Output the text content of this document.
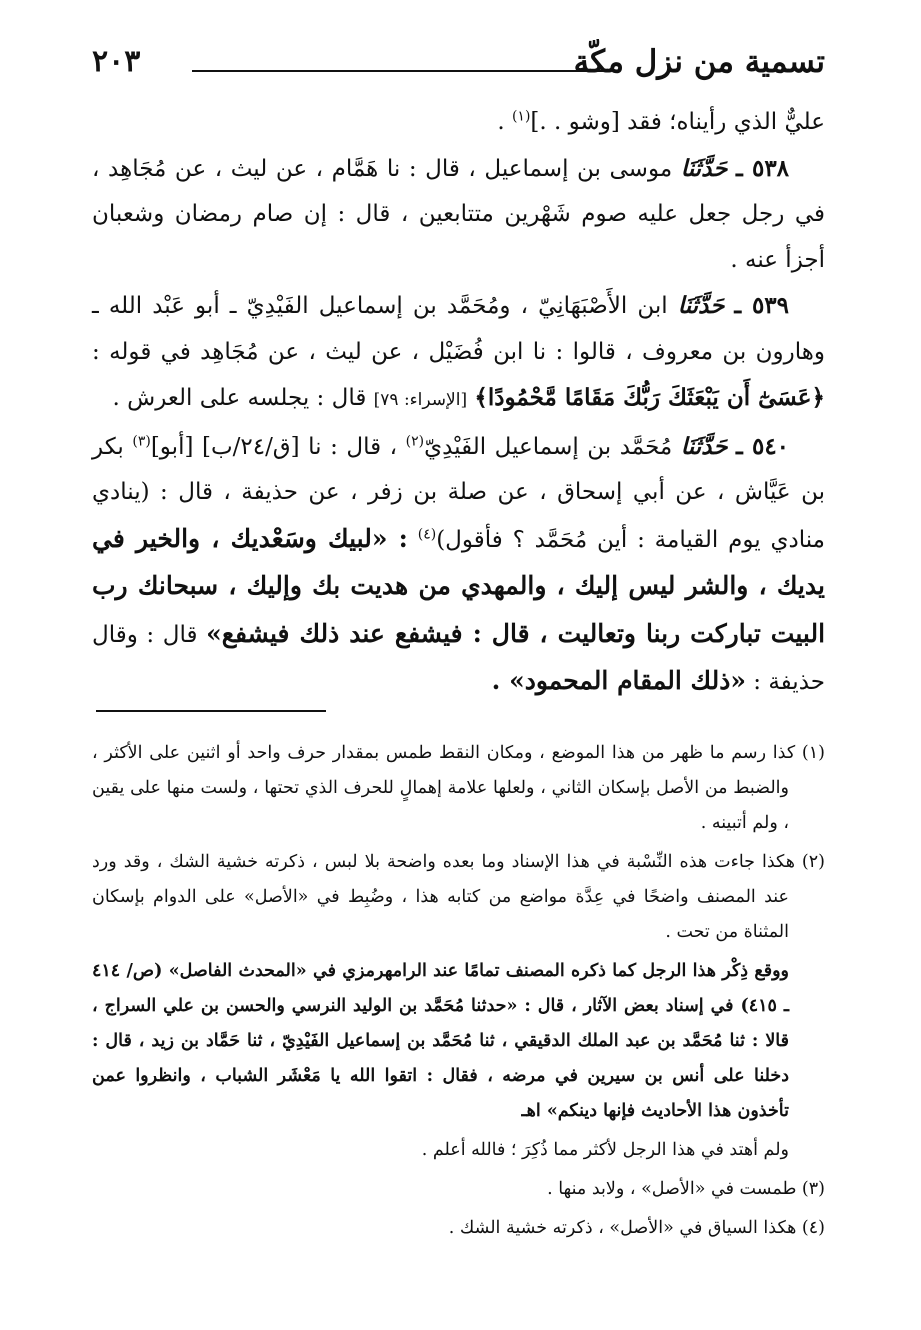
تسمية من نزل مكّة
٢٠٣

عليٌّ الذي رأيناه؛ فقد [وشو . .]$^{(١)}$ .

٥٣٨ ـ حَدَّثَنَا موسى بن إسماعيل ، قال : نا هَمَّام ، عن ليث ، عن مُجَاهِد ، في رجل جعل عليه صوم شَهْرين متتابعين ، قال : إن صام رمضان وشعبان أجزأ عنه .

٥٣٩ ـ حَدَّثَنَا ابن الأَصْبَهَانِيّ ، ومُحَمَّد بن إسماعيل الفَيْدِيّ ـ أبو عَبْد الله ـ وهارون بن معروف ، قالوا : نا ابن فُضَيْل ، عن ليث ، عن مُجَاهِد في قوله : ﴿عَسَىٰٓ أَن يَبْعَثَكَ رَبُّكَ مَقَامًا مَّحْمُودًا﴾ [الإسراء: ٧٩] قال : يجلسه على العرش .

٥٤٠ ـ حَدَّثَنَا مُحَمَّد بن إسماعيل الفَيْدِيّ$^{(٢)}$ ، قال : نا [ق/٢٤/ب] [أبو]$^{(٣)}$ بكر بن عَيَّاش ، عن أبي إسحاق ، عن صلة بن زفر ، عن حذيفة ، قال : (ينادي منادي يوم القيامة : أين مُحَمَّد ؟ فأقول)$^{(٤)}$ : «لبيك وسَعْديك ، والخير في يديك ، والشر ليس إليك ، والمهدي من هديت بك وإليك ، سبحانك رب البيت تباركت ربنا وتعاليت ، قال : فيشفع عند ذلك فيشفع» قال : وقال حذيفة : «ذلك المقام المحمود» .

(١) كذا رسم ما ظهر من هذا الموضع ، ومكان النقط طمس بمقدار حرف واحد أو اثنين على الأكثر ، والضبط من الأصل بإسكان الثاني ، ولعلها علامة إهمالٍ للحرف الذي تحتها ، ولست منها على يقين ، ولم أتبينه .

(٢) هكذا جاءت هذه النِّسْبة في هذا الإسناد وما بعده واضحة بلا لبس ، ذكرته خشية الشك ، وقد ورد عند المصنف واضحًا في عِدَّة مواضع من كتابه هذا ، وضُبِط في «الأصل» على الدوام بإسكان المثناة من تحت .

ووقع ذِكْر هذا الرجل كما ذكره المصنف تمامًا عند الرامهرمزي في «المحدث الفاصل» (ص/ ٤١٤ ـ ٤١٥) في إسناد بعض الآثار ، قال : «حدثنا مُحَمَّد بن الوليد النرسي والحسن بن علي السراج ، قالا : ثنا مُحَمَّد بن عبد الملك الدقيقي ، ثنا مُحَمَّد بن إسماعيل الفَيْدِيّ ، ثنا حَمَّاد بن زيد ، قال : دخلنا على أنس بن سيرين في مرضه ، فقال : اتقوا الله يا مَعْشَر الشباب ، وانظروا عمن تأخذون هذا الأحاديث فإنها دينكم» اهـ

ولم أهتد في هذا الرجل لأكثر مما ذُكِرَ ؛ فالله أعلم .

(٣) طمست في «الأصل» ، ولابد منها .

(٤) هكذا السياق في «الأصل» ، ذكرته خشية الشك .
